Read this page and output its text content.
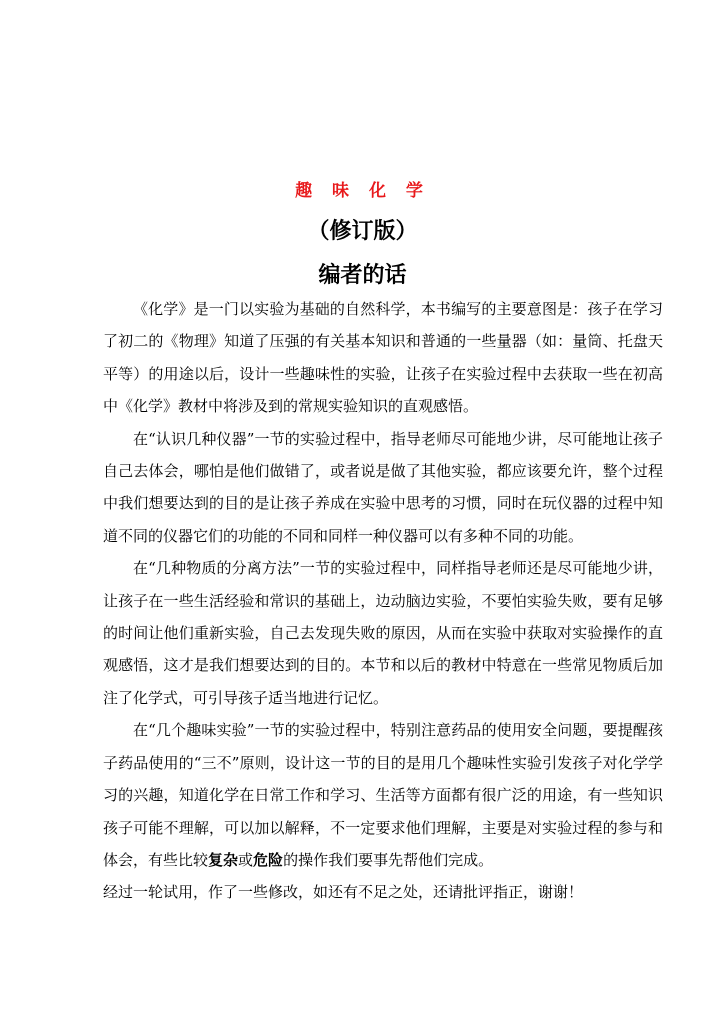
趣 味 化 学
（修订版）
编者的话

《化学》是一门以实验为基础的自然科学，本书编写的主要意图是：孩子在学习了初二的《物理》知道了压强的有关基本知识和普通的一些量器（如：量筒、托盘天平等）的用途以后，设计一些趣味性的实验，让孩子在实验过程中去获取一些在初高中《化学》教材中将涉及到的常规实验知识的直观感悟。

在“认识几种仪器”一节的实验过程中，指导老师尽可能地少讲，尽可能地让孩子自己去体会，哪怕是他们做错了，或者说是做了其他实验，都应该要允许，整个过程中我们想要达到的目的是让孩子养成在实验中思考的习惯，同时在玩仪器的过程中知道不同的仪器它们的功能的不同和同样一种仪器可以有多种不同的功能。

在“几种物质的分离方法”一节的实验过程中，同样指导老师还是尽可能地少讲，让孩子在一些生活经验和常识的基础上，边动脑边实验，不要怕实验失败，要有足够的时间让他们重新实验，自己去发现失败的原因，从而在实验中获取对实验操作的直观感悟，这才是我们想要达到的目的。本节和以后的教材中特意在一些常见物质后加注了化学式，可引导孩子适当地进行记忆。

在“几个趣味实验”一节的实验过程中，特别注意药品的使用安全问题，要提醒孩子药品使用的“三不”原则，设计这一节的目的是用几个趣味性实验引发孩子对化学学习的兴趣，知道化学在日常工作和学习、生活等方面都有很广泛的用途，有一些知识孩子可能不理解，可以加以解释，不一定要求他们理解，主要是对实验过程的参与和体会，有些比较复杂或危险的操作我们要事先帮他们完成。

经过一轮试用，作了一些修改，如还有不足之处，还请批评指正，谢谢！
